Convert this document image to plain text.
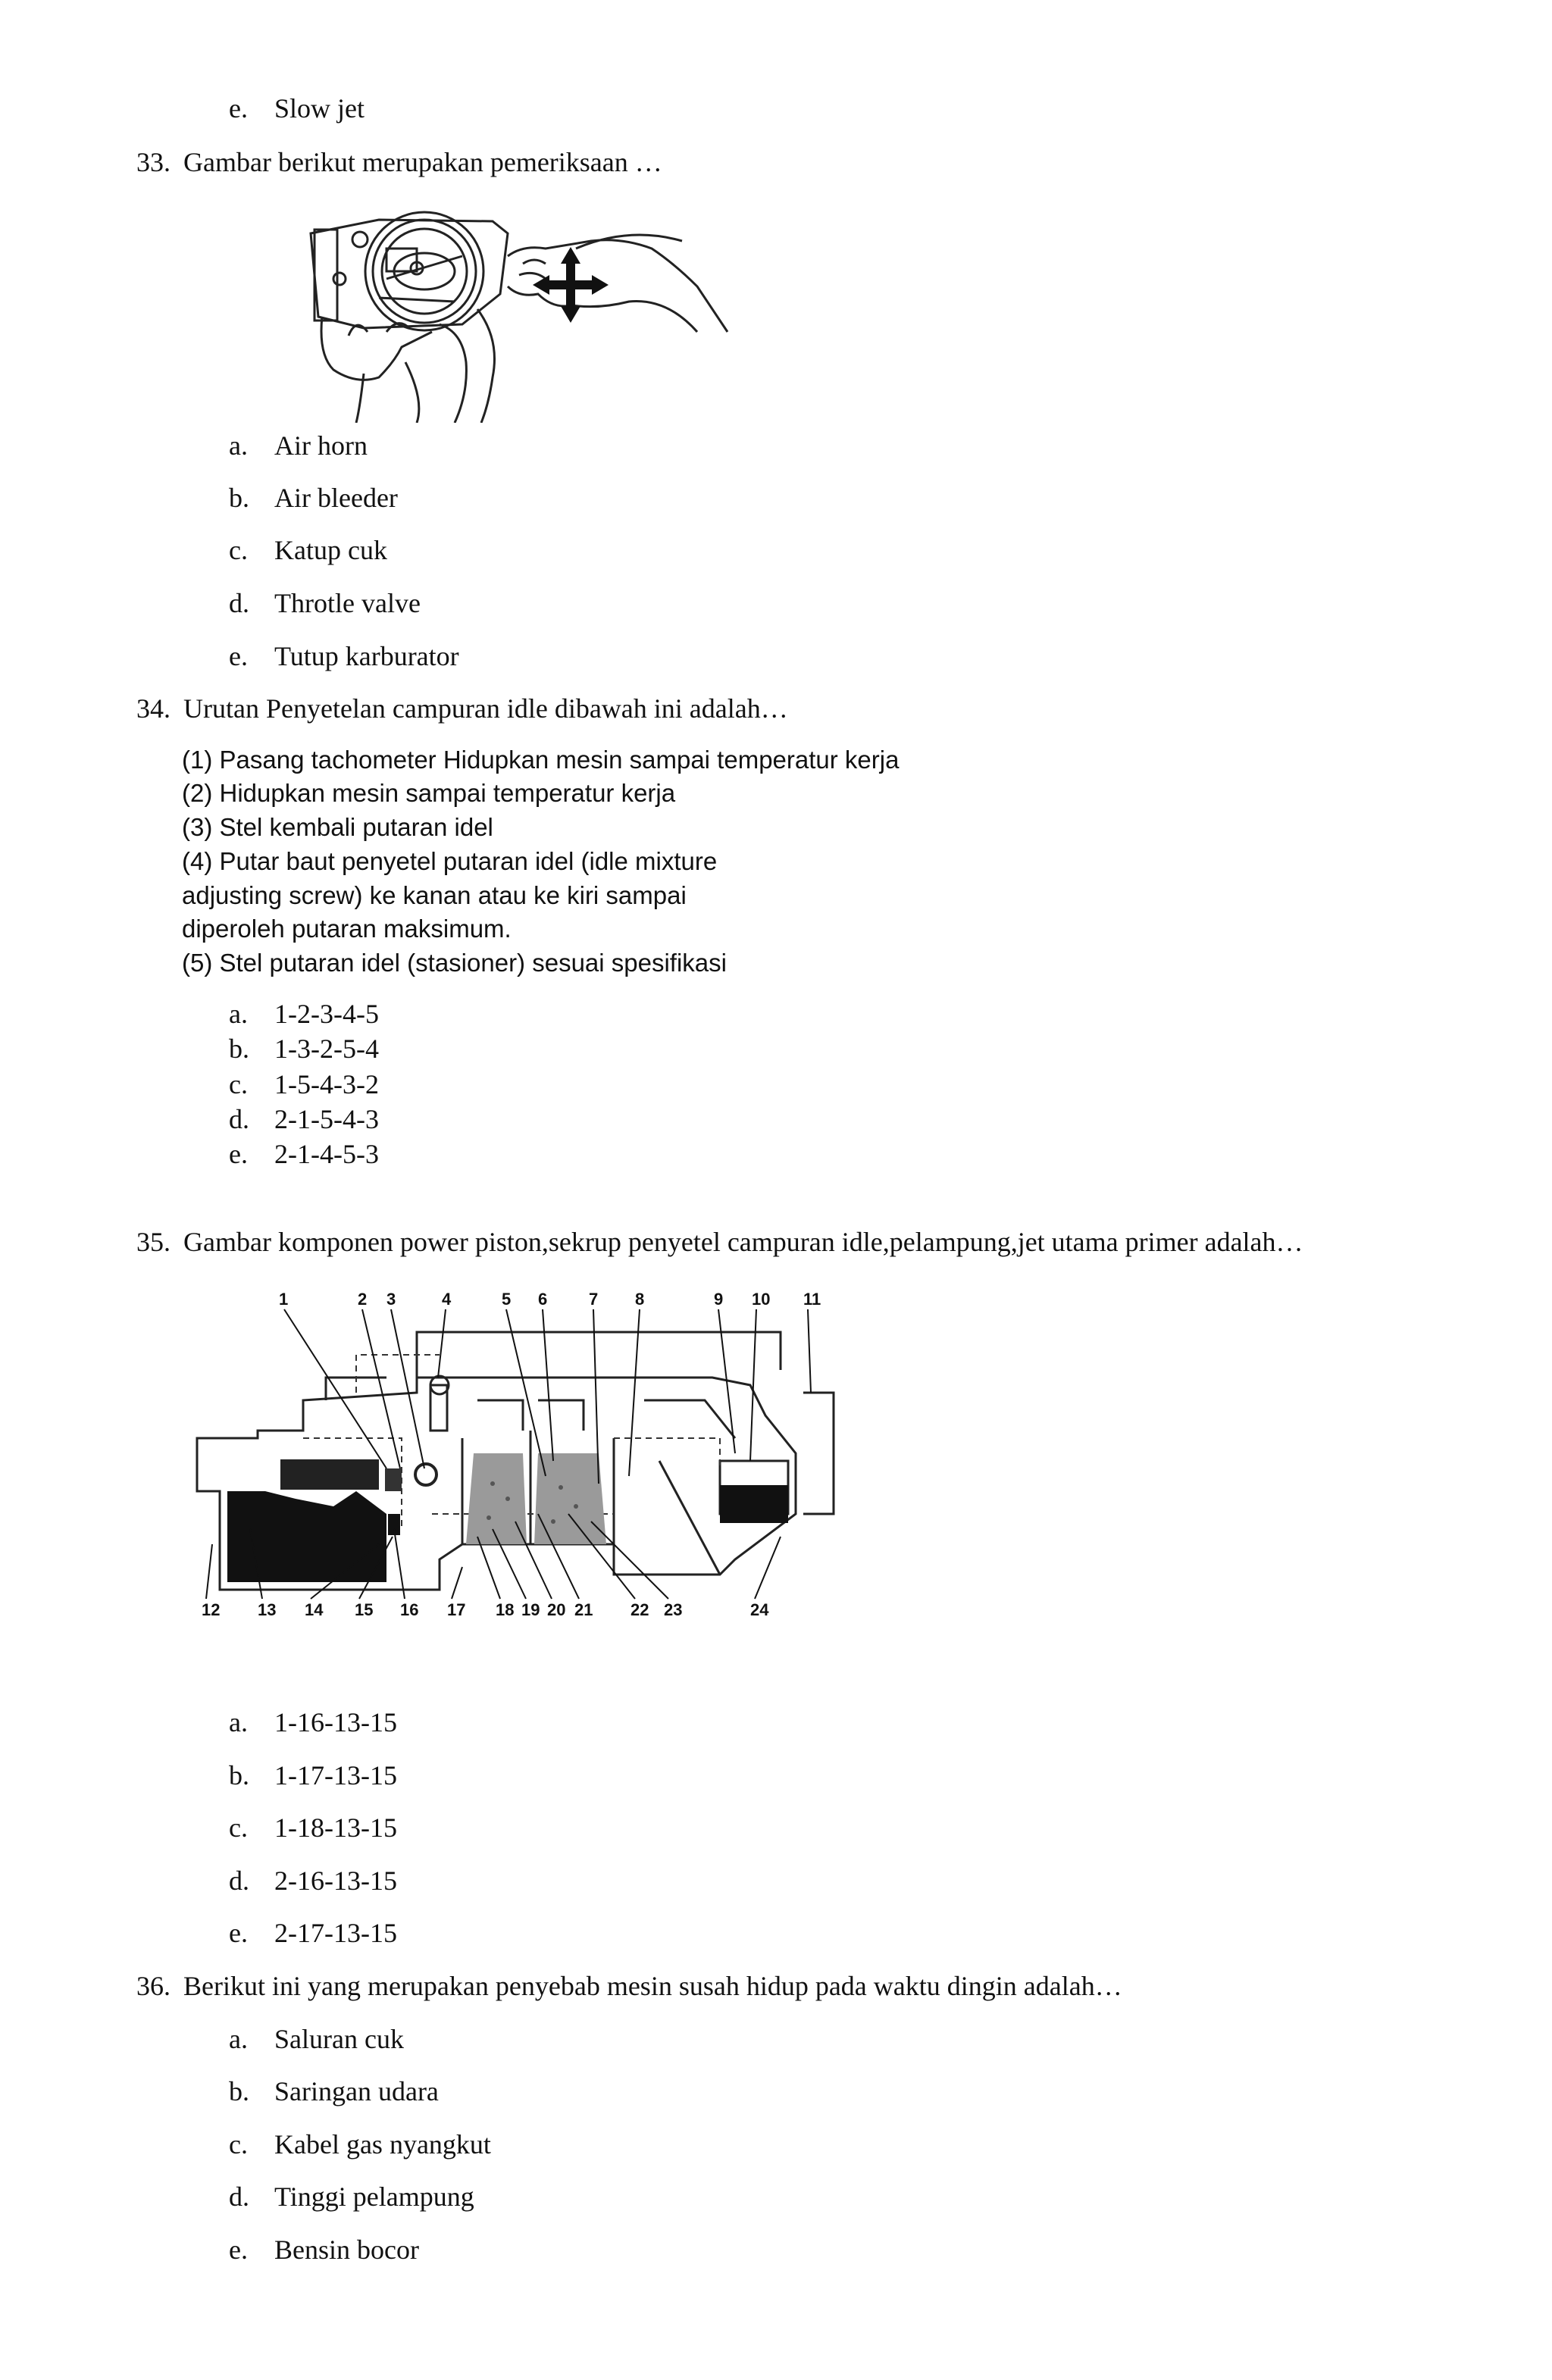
e. Slow jet
33. Gambar berikut merupakan pemeriksaan …
a. Air horn
b. Air bleeder
c. Katup cuk
d. Throtle valve
e. Tutup karburator
34. Urutan Penyetelan campuran idle dibawah ini adalah…
(1) Pasang tachometer Hidupkan mesin sampai temperatur kerja
(2) Hidupkan mesin sampai temperatur kerja
(3) Stel kembali putaran idel
(4) Putar baut penyetel putaran idel (idle mixture
adjusting screw) ke kanan atau ke kiri sampai
diperoleh putaran maksimum.
(5) Stel putaran idel (stasioner) sesuai spesifikasi
a. 1-2-3-4-5
b. 1-3-2-5-4
c. 1-5-4-3-2
d. 2-1-5-4-3
e. 2-1-4-5-3
35. Gambar komponen power piston,sekrup penyetel campuran idle,pelampung,jet utama primer adalah…
1	2 3	4	5 6 7 8	9 10 11
12 13 14 15 16 17 18 19 20 21 22 23	24
a. 1-16-13-15
b. 1-17-13-15
c. 1-18-13-15
d. 2-16-13-15
e. 2-17-13-15
36. Berikut ini yang merupakan penyebab mesin susah hidup pada waktu dingin adalah…
a. Saluran cuk
b. Saringan udara
c. Kabel gas nyangkut
d. Tinggi pelampung
e. Bensin bocor
